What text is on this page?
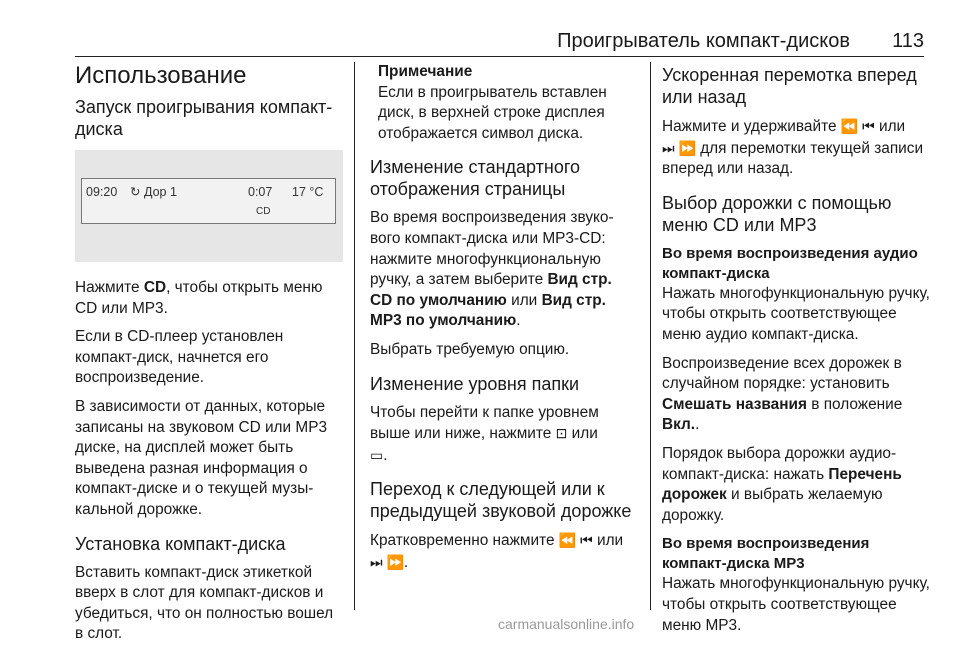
Проигрыватель компакт-дисков 113
Использование
Запуск проигрывания компакт-диска
09:20 ↻ Дор 1	0:07 17 °C
CD

Нажмите CD, чтобы открыть меню CD или MP3.

Если в CD-плеер установлен компакт-диск, начнется его воспроизведение.

В зависимости от данных, которые записаны на звуковом CD или MP3 диске, на дисплей может быть выведена разная информация о компакт-диске и о текущей музыкальной дорожке.

Установка компакт-диска

Вставить компакт-диск этикеткой вверх в слот для компакт-дисков и убедиться, что он полностью вошел в слот.

Примечание
Если в проигрыватель вставлен диск, в верхней строке дисплея отображается символ диска.
Изменение стандартного отображения страницы

Во время воспроизведения звукового компакт-диска или MP3-CD: нажмите многофункциональную ручку, а затем выберите Вид стр. CD по умолчанию или Вид стр. MP3 по умолчанию.

Выбрать требуемую опцию.

Изменение уровня папки

Чтобы перейти к папке уровнем выше или ниже, нажмите ⊡ или
▭.

Переход к следующей или к предыдущей звуковой дорожке

Кратковременно нажмите ⏪ ⏮ или
⏭ ⏩.

Ускоренная перемотка вперед или назад

Нажмите и удерживайте ⏪ ⏮ или
⏭ ⏩ для перемотки текущей записи вперед или назад.

Выбор дорожки с помощью меню CD или MP3
Во время воспроизведения аудио компакт-диска

Нажать многофункциональную ручку, чтобы открыть соответствующее меню аудио компакт-диска.

Воспроизведение всех дорожек в случайном порядке: установить Смешать названия в положение Вкл..

Порядок выбора дорожки аудиокомпакт-диска: нажать Перечень дорожек и выбрать желаемую дорожку.

Во время воспроизведения компакт-диска MP3

Нажать многофункциональную ручку, чтобы открыть соответствующее меню MP3.

carmanualsonline.info
